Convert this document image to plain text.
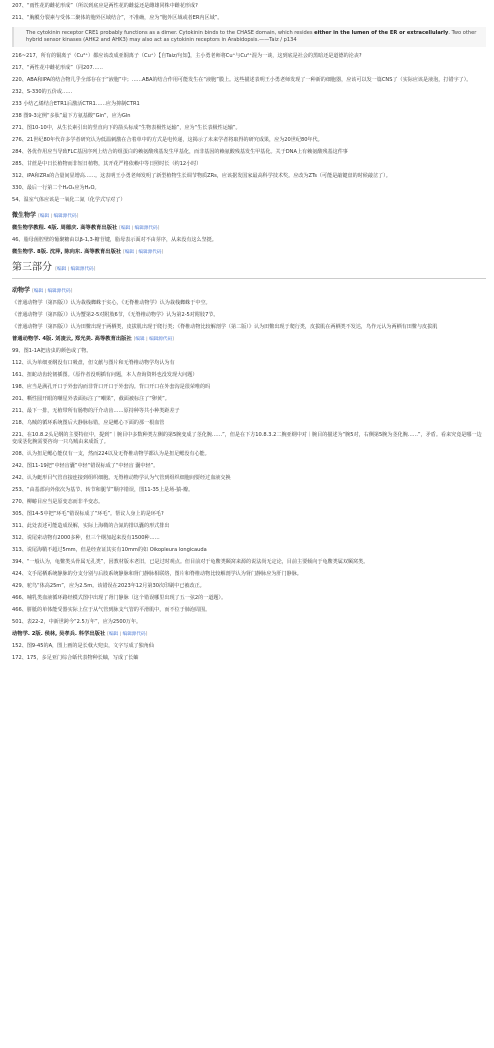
207、“雨性花的雌花形成”（所以到底应是两性花的雌蕊还是雌雄同株中雌花形成?

211、“胸膜分裂素与受体二聚体的胞外区域结合”，不准确，应为“胞外区域或者ER内区域”。

The cytokinin receptor CRE1 probably functions as a dimer. Cytokinin binds to the CHASE domain, which resides either in the lumen of the ER or extracellularly. Two other hybrid sensor kinases (AHK2 and AHK3) may also act as cytokinin receptors in Arabidopsis.——Taiz / p134

216~217，所有的铜离子（Cu²⁺）都应该改成亚铜离子（Cu⁺）【自Taiz/句知】，主小勇老师将Cu⁺与Cu²⁺混为一谈，这到底是社会的黑暗还是道德的沦丧?

217、“两性花中雌花形成”（同207……

220、ABA和IPA的结合物几乎全部存在于“液胞”中；……ABA的结合作用可能发生在“液胞”膜上。这些描述表明王小勇老师发现了一种新的细胞器，应该可以发一篇CNS了（实际应该是液泡，打错字了）。

232、S-330的五价或……

233 小结乙烯结合ETR1后激活CTR1……应为抑制CTR1

238 图9-3定例“多肽”最下方氨基酸“Gin”，应为Gln

271、图10-10中，从生长素引出的竖直向下的箭头标成“生物表极性运输”，应为“生长表极性运输”。

276、21世纪80年代许多学者研究认为低温刺激在合着单中的方式是电传递，这揭示了未来学者将取得的研究成果，应为20世纪80年代。

284、各优作用应当导致FLC基因序列上结合的组蛋白的赖氨酸残基发生甲基化，而非基因的赖氨酸残基发生甲基化。关于DNA上有赖氨酸残基这件事

285、甘蔗是中日长植物而非短日植物，其开花严格依赖中等日照时长（约12小时）

312、iPA和ZRs的合量间显增高……。这表明王小勇老师发明了新型植物生长调节物质ZRs，应该据发国家最高科学技术奖。应改为ZTs（可能是敲键盘的时候敲岔了）。

330、最后一行第二个H₂O₂应为H₂O。

54、温室气体应该是一氧化二氮（化学式写对了）

微生物学 [编辑 | 编辑源代码]
微生物学教程. 4版. 周德庆. 高等教育出版社 [编辑 | 编辑源代码]

46、脂母菌腔壁的葡聚糖由以β-1,3-糖苷键，脂母表示面对不由芽序，从来没有这么坚挺。

微生物学. 8版. 沈萍, 陈向东. 高等教育出版社 [编辑 | 编辑源代码]
第三部分 [编辑 | 编辑源代码]
动物学 [编辑 | 编辑源代码]

《普通动物学（第四版）》认为栽栈蜘蛛于实心，《无脊椎动物学》认为栽栈蜘蛛于中空。

《普通动物学（第四版）》认为蟹第2-5对附肢6节，《无脊椎动物学》认为第2-5对附肢7节。

《普通动物学（第四版）》认为田鳖出现于两栖类，皮拔肌出现于爬行类；《脊椎动物比较解剖学（第二版）》认为田鳖出现于爬行类，皮拔肌在两栖类不发达，鸟作元认为两栖有田鳖与皮拔肌

普通动物学. 4版. 刘凌云, 郑光美. 高等教育出版社 [编辑 | 编辑源代码]

99、图1-1A把齿虫的颜色或了物。

112、认为单细亚纲没有口吸盘，但文献与图片和无脊椎动物学均认为有

161、扭蛇动齿轮韧插图。（原作者没明插有问题，本人查询资料也没发现大问题）

198、应当是满孔开口于外套沟而非背口开口于外套沟。背口开口在外套沟是很荣唯的吗

201、嘶性圆开眼的嘲星外表面标注了“嘲果”，截面被标注了“卵黄”。

211、最下一排，无植带所有肠物的汗介动齿……原持种等共小种类距差子

218、乌贼的循环系统图后大静脉标错，应是鳃心下面的那一根血管

221、在10.8.2头足纲的主要特征中，提到“｜腕目中多数种类左侧的第5腕变成了茎化腕……”，但是在下方10.8.3.2二腕亚纲中对｜腕目的描述为“腕5对，右侧第5腕为茎化腕……”，矛盾。看来究竟是哪一边变成茎化腕需要咨询一只乌贼由来成饭了。

208、认为扭足鳃心能仅有一支，然而224以及无脊椎动物学都认为是扭足鳃没有心能。

242、图11-19把“中轻盲囊”中轻“错误标成了“中轻盲 囊中轻”。

242、认为蜓形目气管直接连接到组织细胞。无脊椎动物学认为气管到组织细胞间要经过血液交换

253、“由基部向外依次为基节、转节和腿节”顺序错误，图11-35上是场-猿-瓣。

270、柳蝽目应当是原变态而非半变态。

305、图14-5中把“环毛”错误标成了“环毛”。帮议人身上的是环毛?

311、此处表述可能造成误解，实际上海鞘的合氮的排以囊的形式排出

312、说尾索动物有2000多种，但三个纲加起来没有1500种……

313、说尾海鞘不超过5mm，但是经查证其实有10mm的如 Oikopleura longicauda

394、“一般认为，龟鳖类头骨属无孔类”，因教材版本老旧，已是过时观点。但目前对于龟鳖类颞窝来源的说法尚无定论，目前主要倾向于龟鳖类属双颞窝类。

424、文手尾栖系统静脉的分支分别与后肢系统静脉和肾门静脉相联络，图片和脊椎动物比较解剖学认为肾门静脉应为肝门静脉。

429、驼鸟“体高25m”，应为2.5m。该错误在2023年12月第30次印刷中已被改正。

466、哺乳类血液循环路经模式图中出现了肾门静脉（这个错误哪里出现了五一弦2的一道题）。

466、胼胝的单体能受器实际上位于从气管到脉支气管的平滑肌中，而不位于肺泡周围。

501、表22-2，中新世跨今“2.5万年”，应为2500万年。

动物学. 2版. 侯林, 吴孝兵. 科学出版社 [编辑 | 编辑源代码]

152、图9-45的A，图上画的是长戟大兜虫，文字写成了独角仙

172、175，多足亚门综合蛞代表物种长蚰，写成了长蚰
